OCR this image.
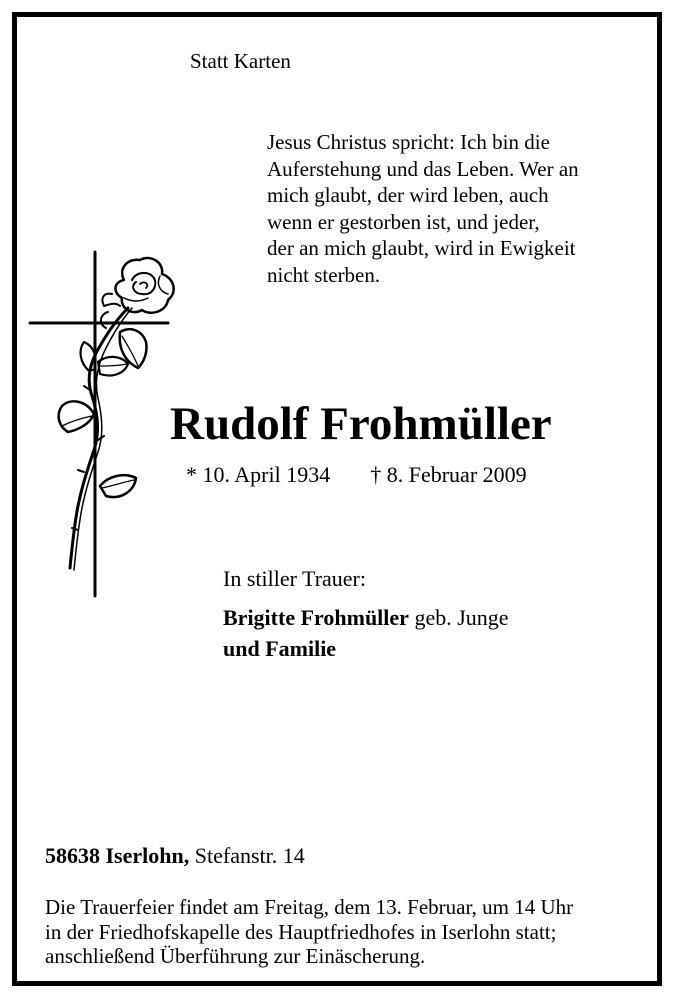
Statt Karten
Jesus Christus spricht: Ich bin die
Auferstehung und das Leben. Wer an
mich glaubt, der wird leben, auch
wenn er gestorben ist, und jeder,
der an mich glaubt, wird in Ewigkeit
nicht sterben.
Rudolf Frohmüller
* 10. April 1934 † 8. Februar 2009
In stiller Trauer:
Brigitte Frohmüller geb. Junge
und Familie
58638 Iserlohn, Stefanstr. 14
Die Trauerfeier findet am Freitag, dem 13. Februar, um 14 Uhr
in der Friedhofskapelle des Hauptfriedhofes in Iserlohn statt;
anschließend Überführung zur Einäscherung.
